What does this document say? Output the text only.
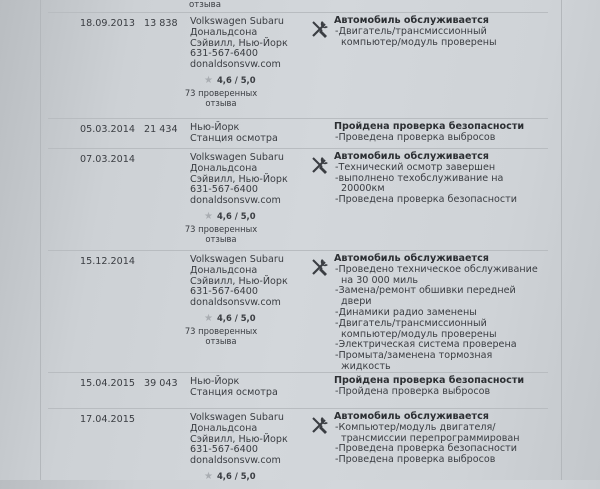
отзыва
18.09.2013 13 838 Volkswagen Subaru
Дональдсона
Сэйвилл, Нью-Йорк
631-567-6400
donaldsonsvw.com
★ 4,6 / 5,0
73 проверенных
отзыва
Автомобиль обслуживается
-Двигатель/трансмиссионный компьютер/модуль проверены
05.03.2014 21 434 Нью-Йорк
Станция осмотра
Пройдена проверка безопасности
-Проведена проверка выбросов
07.03.2014	Volkswagen Subaru
Дональдсона
Сэйвилл, Нью-Йорк
631-567-6400
donaldsonsvw.com
★ 4,6 / 5,0
73 проверенных
отзыва
Автомобиль обслуживается
-Технический осмотр завершен
-выполнено техобслуживание на 20000км
-Проведена проверка безопасности
15.12.2014	Volkswagen Subaru
Дональдсона
Сэйвилл, Нью-Йорк
631-567-6400
donaldsonsvw.com
★ 4,6 / 5,0
73 проверенных
отзыва
Автомобиль обслуживается
-Проведено техническое обслуживание на 30 000 миль
-Замена/ремонт обшивки передней двери
-Динамики радио заменены
-Двигатель/трансмиссионный компьютер/модуль проверены
-Электрическая система проверена
-Промыта/заменена тормозная жидкость
15.04.2015 39 043 Нью-Йорк
Станция осмотра
Пройдена проверка безопасности
-Пройдена проверка выбросов
17.04.2015	Volkswagen Subaru
Дональдсона
Сэйвилл, Нью-Йорк
631-567-6400
donaldsonsvw.com
★ 4,6 / 5,0
Автомобиль обслуживается
-Компьютер/модуль двигателя/ трансмиссии перепрограммирован
-Проведена проверка безопасности
-Проведена проверка выбросов
